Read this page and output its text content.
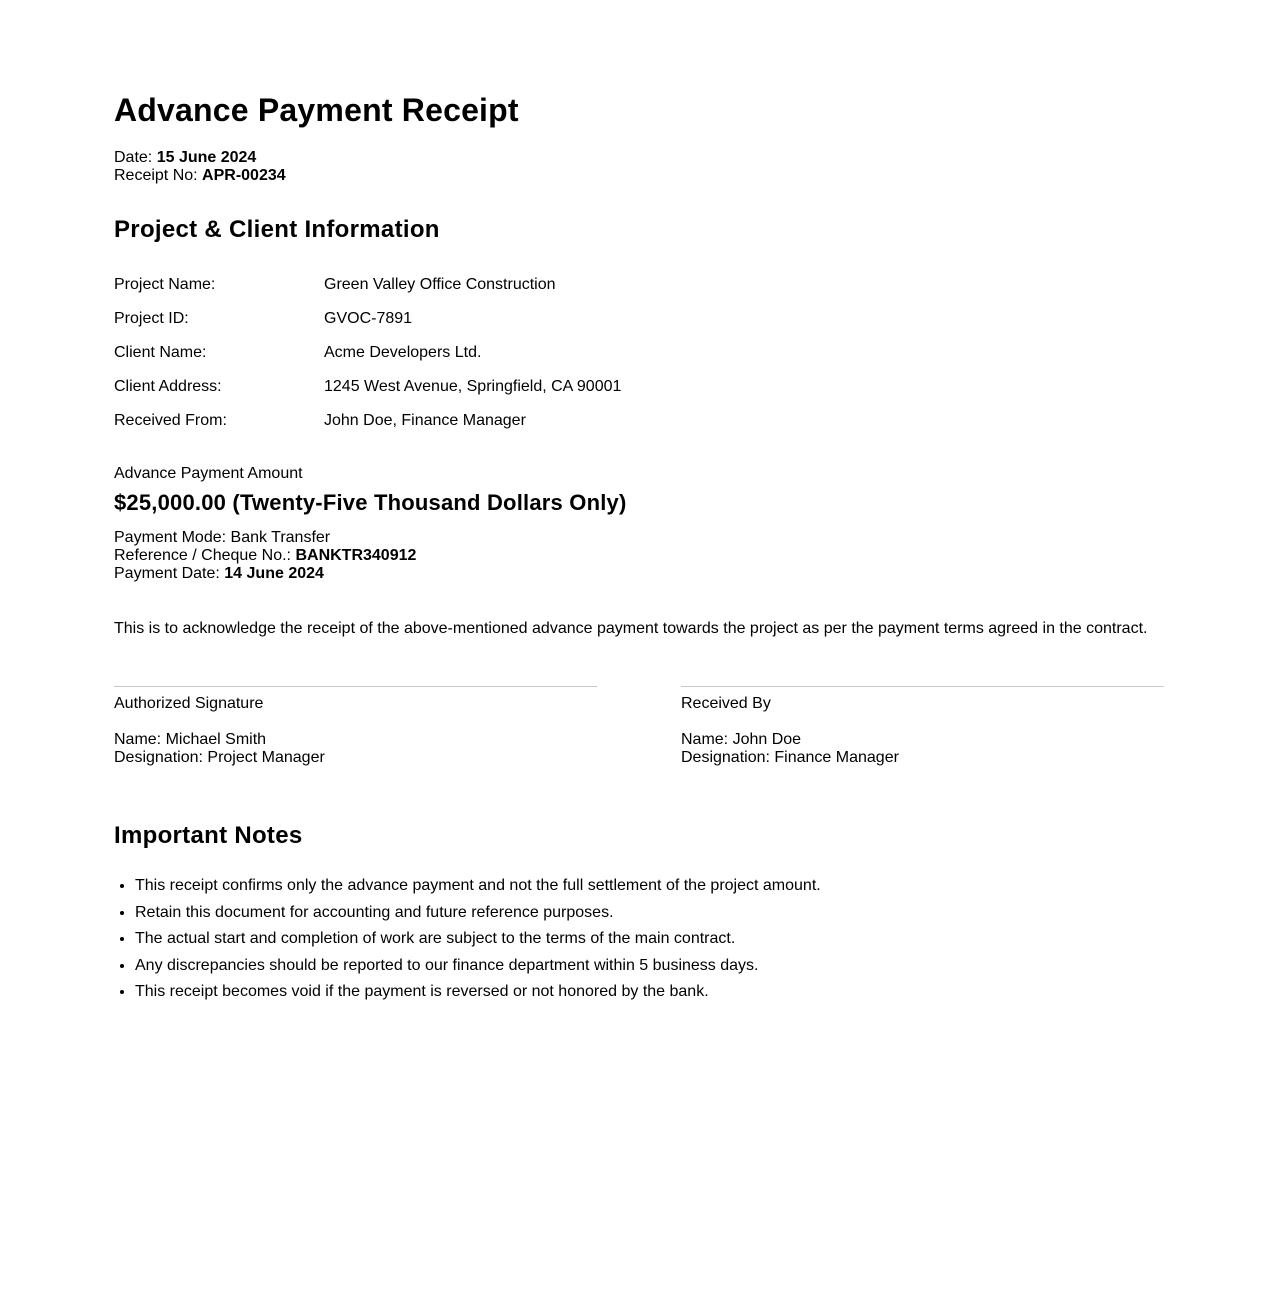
Advance Payment Receipt
Date: 15 June 2024
Receipt No: APR-00234
Project & Client Information
Project Name:	Green Valley Office Construction
Project ID:	GVOC-7891
Client Name:	Acme Developers Ltd.
Client Address:	1245 West Avenue, Springfield, CA 90001
Received From:	John Doe, Finance Manager
Advance Payment Amount
$25,000.00 (Twenty-Five Thousand Dollars Only)
Payment Mode: Bank Transfer
Reference / Cheque No.: BANKTR340912
Payment Date: 14 June 2024
This is to acknowledge the receipt of the above-mentioned advance payment towards the project as per the payment terms agreed in the contract.
Authorized Signature
Name: Michael Smith
Designation: Project Manager
Received By
Name: John Doe
Designation: Finance Manager
Important Notes
• This receipt confirms only the advance payment and not the full settlement of the project amount.
• Retain this document for accounting and future reference purposes.
• The actual start and completion of work are subject to the terms of the main contract.
• Any discrepancies should be reported to our finance department within 5 business days.
• This receipt becomes void if the payment is reversed or not honored by the bank.
